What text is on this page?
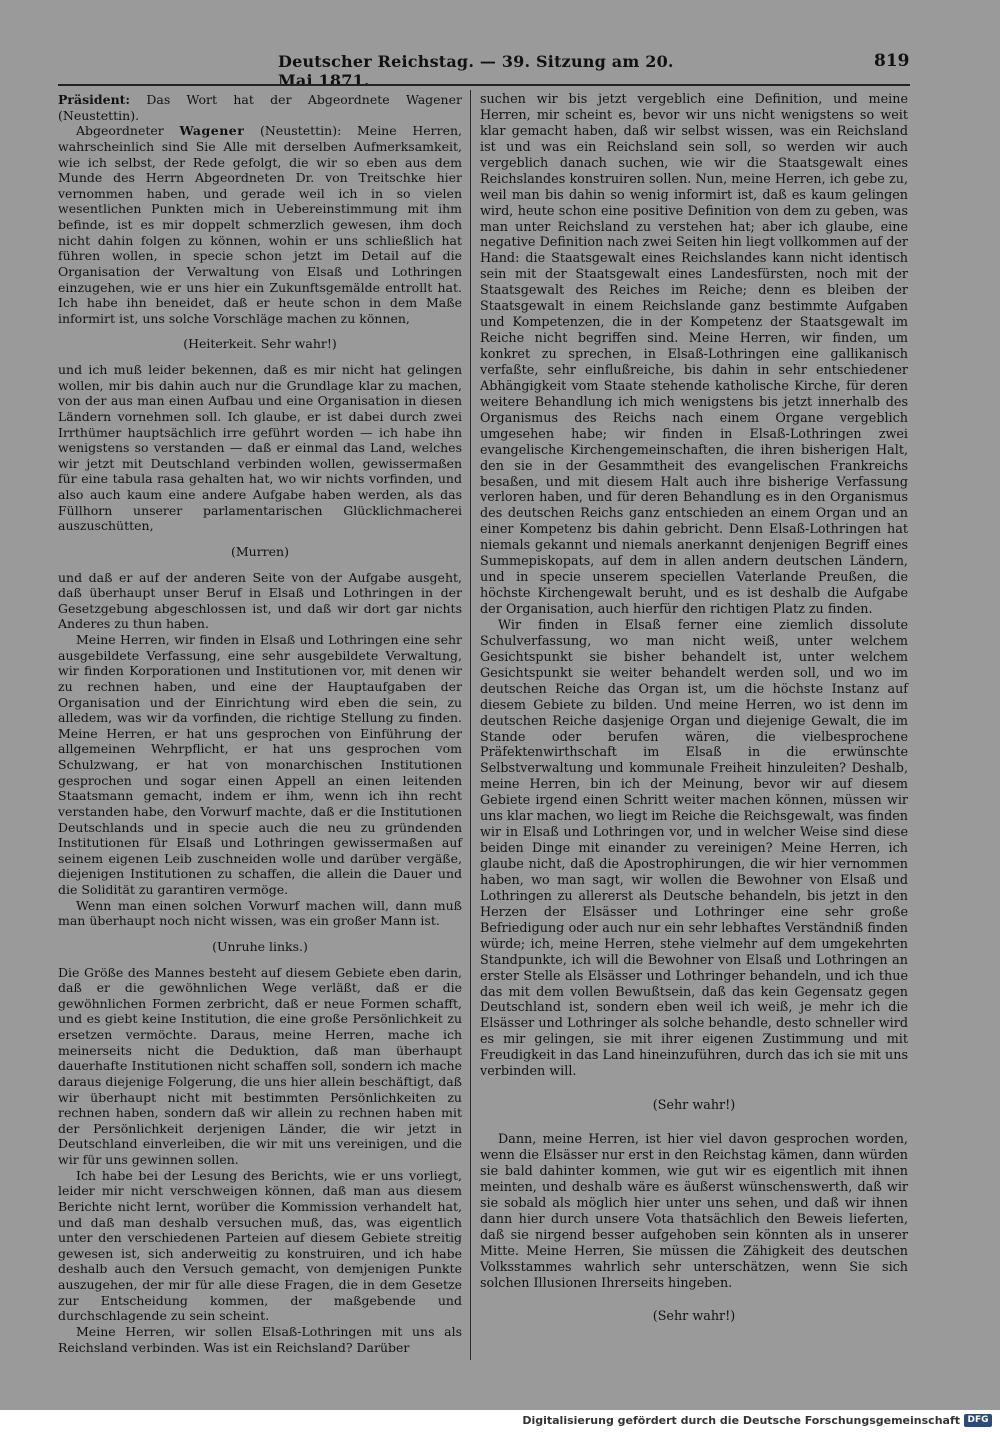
Deutscher Reichstag. — 39. Sitzung am 20. Mai 1871.
819

Präsident: Das Wort hat der Abgeordnete Wagener (Neustettin).

Abgeordneter Wagener (Neustettin): Meine Herren, wahrscheinlich sind Sie Alle mit derselben Aufmerksamkeit, wie ich selbst, der Rede gefolgt, die wir so eben aus dem Munde des Herrn Abgeordneten Dr. von Treitschke hier vernommen haben, und gerade weil ich in so vielen wesentlichen Punkten mich in Uebereinstimmung mit ihm befinde, ist es mir doppelt schmerzlich gewesen, ihm doch nicht dahin folgen zu können, wohin er uns schließlich hat führen wollen, in specie schon jetzt im Detail auf die Organisation der Verwaltung von Elsaß und Lothringen einzugehen, wie er uns hier ein Zukunftsgemälde entrollt hat. Ich habe ihn beneidet, daß er heute schon in dem Maße informirt ist, uns solche Vorschläge machen zu können,

(Heiterkeit. Sehr wahr!)

und ich muß leider bekennen, daß es mir nicht hat gelingen wollen, mir bis dahin auch nur die Grundlage klar zu machen, von der aus man einen Aufbau und eine Organisation in diesen Ländern vornehmen soll. Ich glaube, er ist dabei durch zwei Irrthümer hauptsächlich irre geführt worden — ich habe ihn wenigstens so verstanden — daß er einmal das Land, welches wir jetzt mit Deutschland verbinden wollen, gewissermaßen für eine tabula rasa gehalten hat, wo wir nichts vorfinden, und also auch kaum eine andere Aufgabe haben werden, als das Füllhorn unserer parlamentarischen Glücklichmacherei auszuschütten,

(Murren)

und daß er auf der anderen Seite von der Aufgabe ausgeht, daß überhaupt unser Beruf in Elsaß und Lothringen in der Gesetzgebung abgeschlossen ist, und daß wir dort gar nichts Anderes zu thun haben.

Meine Herren, wir finden in Elsaß und Lothringen eine sehr ausgebildete Verfassung, eine sehr ausgebildete Verwaltung, wir finden Korporationen und Institutionen vor, mit denen wir zu rechnen haben, und eine der Hauptaufgaben der Organisation und der Einrichtung wird eben die sein, zu alledem, was wir da vorfinden, die richtige Stellung zu finden. Meine Herren, er hat uns gesprochen von Einführung der allgemeinen Wehrpflicht, er hat uns gesprochen vom Schulzwang, er hat von monarchischen Institutionen gesprochen und sogar einen Appell an einen leitenden Staatsmann gemacht, indem er ihm, wenn ich ihn recht verstanden habe, den Vorwurf machte, daß er die Institutionen Deutschlands und in specie auch die neu zu gründenden Institutionen für Elsaß und Lothringen gewissermaßen auf seinem eigenen Leib zuschneiden wolle und darüber vergäße, diejenigen Institutionen zu schaffen, die allein die Dauer und die Solidität zu garantiren vermöge.

Wenn man einen solchen Vorwurf machen will, dann muß man überhaupt noch nicht wissen, was ein großer Mann ist.

(Unruhe links.)

Die Größe des Mannes besteht auf diesem Gebiete eben darin, daß er die gewöhnlichen Wege verläßt, daß er die gewöhnlichen Formen zerbricht, daß er neue Formen schafft, und es giebt keine Institution, die eine große Persönlichkeit zu ersetzen vermöchte. Daraus, meine Herren, mache ich meinerseits nicht die Deduktion, daß man überhaupt dauerhafte Institutionen nicht schaffen soll, sondern ich mache daraus diejenige Folgerung, die uns hier allein beschäftigt, daß wir überhaupt nicht mit bestimmten Persönlichkeiten zu rechnen haben, sondern daß wir allein zu rechnen haben mit der Persönlichkeit derjenigen Länder, die wir jetzt in Deutschland einverleiben, die wir mit uns vereinigen, und die wir für uns gewinnen sollen.

Ich habe bei der Lesung des Berichts, wie er uns vorliegt, leider mir nicht verschweigen können, daß man aus diesem Berichte nicht lernt, worüber die Kommission verhandelt hat, und daß man deshalb versuchen muß, das, was eigentlich unter den verschiedenen Parteien auf diesem Gebiete streitig gewesen ist, sich anderweitig zu konstruiren, und ich habe deshalb auch den Versuch gemacht, von demjenigen Punkte auszugehen, der mir für alle diese Fragen, die in dem Gesetze zur Entscheidung kommen, der maßgebende und durchschlagende zu sein scheint.

Meine Herren, wir sollen Elsaß-Lothringen mit uns als Reichsland verbinden. Was ist ein Reichsland? Darüber

suchen wir bis jetzt vergeblich eine Definition, und meine Herren, mir scheint es, bevor wir uns nicht wenigstens so weit klar gemacht haben, daß wir selbst wissen, was ein Reichsland ist und was ein Reichsland sein soll, so werden wir auch vergeblich danach suchen, wie wir die Staatsgewalt eines Reichslandes konstruiren sollen. Nun, meine Herren, ich gebe zu, weil man bis dahin so wenig informirt ist, daß es kaum gelingen wird, heute schon eine positive Definition von dem zu geben, was man unter Reichsland zu verstehen hat; aber ich glaube, eine negative Definition nach zwei Seiten hin liegt vollkommen auf der Hand: die Staatsgewalt eines Reichslandes kann nicht identisch sein mit der Staatsgewalt eines Landesfürsten, noch mit der Staatsgewalt des Reiches im Reiche; denn es bleiben der Staatsgewalt in einem Reichslande ganz bestimmte Aufgaben und Kompetenzen, die in der Kompetenz der Staatsgewalt im Reiche nicht begriffen sind. Meine Herren, wir finden, um konkret zu sprechen, in Elsaß-Lothringen eine gallikanisch verfaßte, sehr einflußreiche, bis dahin in sehr entschiedener Abhängigkeit vom Staate stehende katholische Kirche, für deren weitere Behandlung ich mich wenigstens bis jetzt innerhalb des Organismus des Reichs nach einem Organe vergeblich umgesehen habe; wir finden in Elsaß-Lothringen zwei evangelische Kirchengemeinschaften, die ihren bisherigen Halt, den sie in der Gesammtheit des evangelischen Frankreichs besaßen, und mit diesem Halt auch ihre bisherige Verfassung verloren haben, und für deren Behandlung es in den Organismus des deutschen Reichs ganz entschieden an einem Organ und an einer Kompetenz bis dahin gebricht. Denn Elsaß-Lothringen hat niemals gekannt und niemals anerkannt denjenigen Begriff eines Summepiskopats, auf dem in allen andern deutschen Ländern, und in specie unserem speciellen Vaterlande Preußen, die höchste Kirchengewalt beruht, und es ist deshalb die Aufgabe der Organisation, auch hierfür den richtigen Platz zu finden.

Wir finden in Elsaß ferner eine ziemlich dissolute Schulverfassung, wo man nicht weiß, unter welchem Gesichtspunkt sie bisher behandelt ist, unter welchem Gesichtspunkt sie weiter behandelt werden soll, und wo im deutschen Reiche das Organ ist, um die höchste Instanz auf diesem Gebiete zu bilden. Und meine Herren, wo ist denn im deutschen Reiche dasjenige Organ und diejenige Gewalt, die im Stande oder berufen wären, die vielbesprochene Präfektenwirthschaft im Elsaß in die erwünschte Selbstverwaltung und kommunale Freiheit hinzuleiten? Deshalb, meine Herren, bin ich der Meinung, bevor wir auf diesem Gebiete irgend einen Schritt weiter machen können, müssen wir uns klar machen, wo liegt im Reiche die Reichsgewalt, was finden wir in Elsaß und Lothringen vor, und in welcher Weise sind diese beiden Dinge mit einander zu vereinigen? Meine Herren, ich glaube nicht, daß die Apostrophirungen, die wir hier vernommen haben, wo man sagt, wir wollen die Bewohner von Elsaß und Lothringen zu allererst als Deutsche behandeln, bis jetzt in den Herzen der Elsässer und Lothringer eine sehr große Befriedigung oder auch nur ein sehr lebhaftes Verständniß finden würde; ich, meine Herren, stehe vielmehr auf dem umgekehrten Standpunkte, ich will die Bewohner von Elsaß und Lothringen an erster Stelle als Elsässer und Lothringer behandeln, und ich thue das mit dem vollen Bewußtsein, daß das kein Gegensatz gegen Deutschland ist, sondern eben weil ich weiß, je mehr ich die Elsässer und Lothringer als solche behandle, desto schneller wird es mir gelingen, sie mit ihrer eigenen Zustimmung und mit Freudigkeit in das Land hineinzuführen, durch das ich sie mit uns verbinden will.

(Sehr wahr!)

Dann, meine Herren, ist hier viel davon gesprochen worden, wenn die Elsässer nur erst in den Reichstag kämen, dann würden sie bald dahinter kommen, wie gut wir es eigentlich mit ihnen meinten, und deshalb wäre es äußerst wünschenswerth, daß wir sie sobald als möglich hier unter uns sehen, und daß wir ihnen dann hier durch unsere Vota thatsächlich den Beweis lieferten, daß sie nirgend besser aufgehoben sein könnten als in unserer Mitte. Meine Herren, Sie müssen die Zähigkeit des deutschen Volksstammes wahrlich sehr unterschätzen, wenn Sie sich solchen Illusionen Ihrerseits hingeben.

(Sehr wahr!)

Digitalisierung gefördert durch die Deutsche Forschungsgemeinschaft DFG
